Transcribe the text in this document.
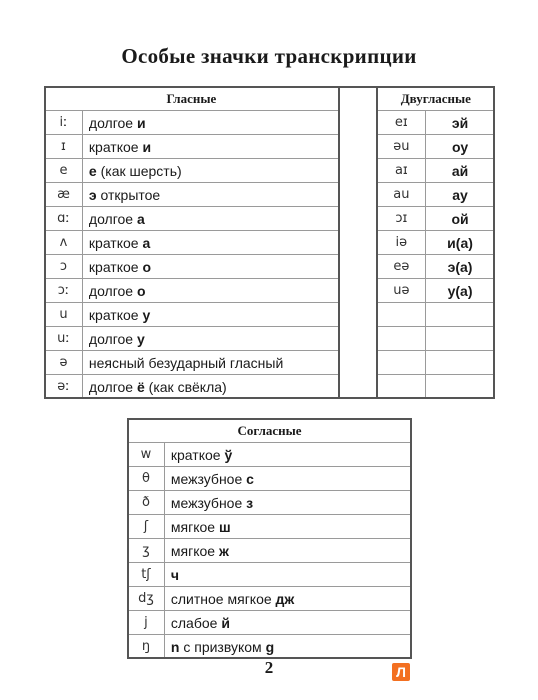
Особые значки транскрипции
Гласные			Двугласные	
iː	долгое и		eɪ	эй
ɪ	краткое и		əu	оу
e	е (как шерсть)		aɪ	ай
æ	э открытое		au	ау
ɑː	долгое а		ɔɪ	ой
ʌ	краткое а		iə	и(а)
ɔ	краткое о		eə	э(а)
ɔː	долгое о		uə	у(а)
u	краткое у			
uː	долгое у			
ə	неясный безударный гласный			
əː	долгое ё (как свёкла)			
Согласные	
w	краткое ў
θ	межзубное с
ð	межзубное з
ʃ	мягкое ш
ʒ	мягкое ж
tʃ	ч
dʒ	слитное мягкое дж
j	слабое й
ŋ	n с призвуком g
2	Л
